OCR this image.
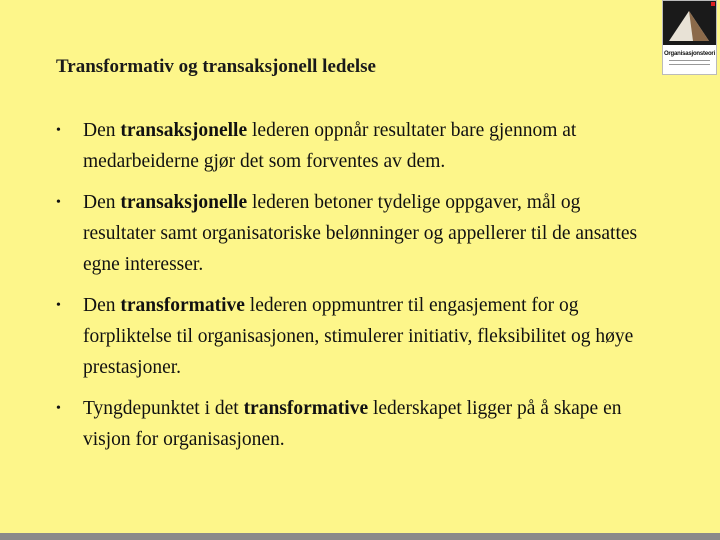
Transformativ og transaksjonell ledelse
• Den transaksjonelle lederen oppnår resultater bare gjennom at medarbeiderne gjør det som forventes av dem.
• Den transaksjonelle lederen betoner tydelige oppgaver, mål og resultater samt organisatoriske belønninger og appellerer til de ansattes egne interesser.
• Den transformative lederen oppmuntrer til engasjement for og forpliktelse til organisasjonen, stimulerer initiativ, fleksibilitet og høye prestasjoner.
• Tyngdepunktet i det transformative lederskapet ligger på å skape en visjon for organisasjonen.
Organisasjonsteori
